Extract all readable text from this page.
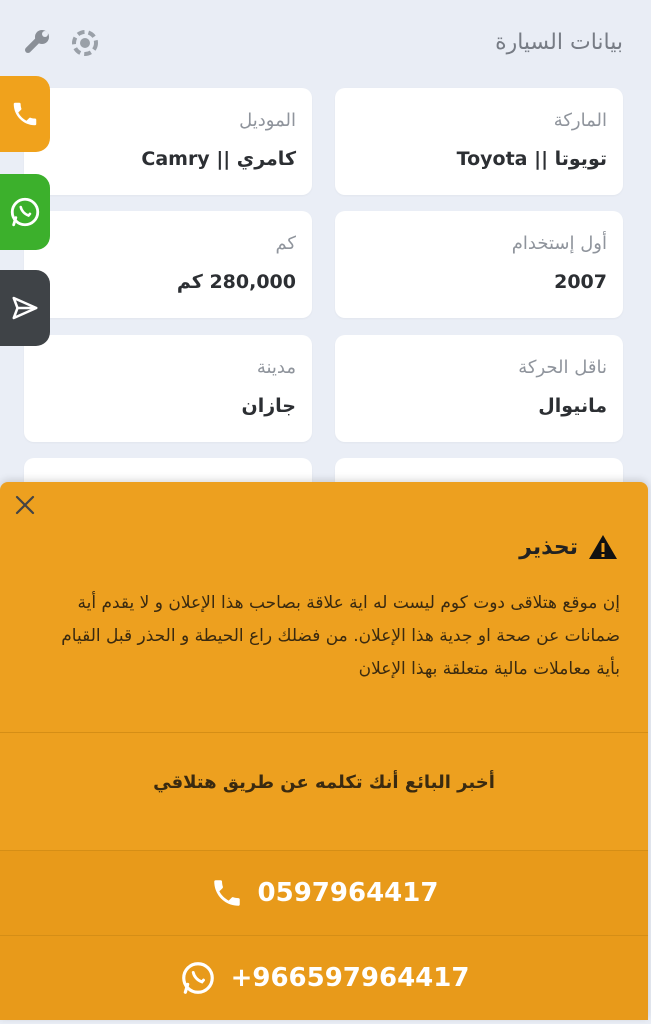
بيانات السيارة
الماركة
تويوتا || Toyota
الموديل
كامري || Camry
أول إستخدام
2007
كم
280,000 كم
ناقل الحركة
مانيوال
مدينة
جازان
تحذير
إن موقع هتلاقى دوت كوم ليست له اية علاقة بصاحب هذا الإعلان و لا يقدم أية ضمانات عن صحة او جدية هذا الإعلان. من فضلك راع الحيطة و الحذر قبل القيام بأية معاملات مالية متعلقة بهذا الإعلان
أخبر البائع أنك تكلمه عن طريق هتلاقي
0597964417
+966597964417
